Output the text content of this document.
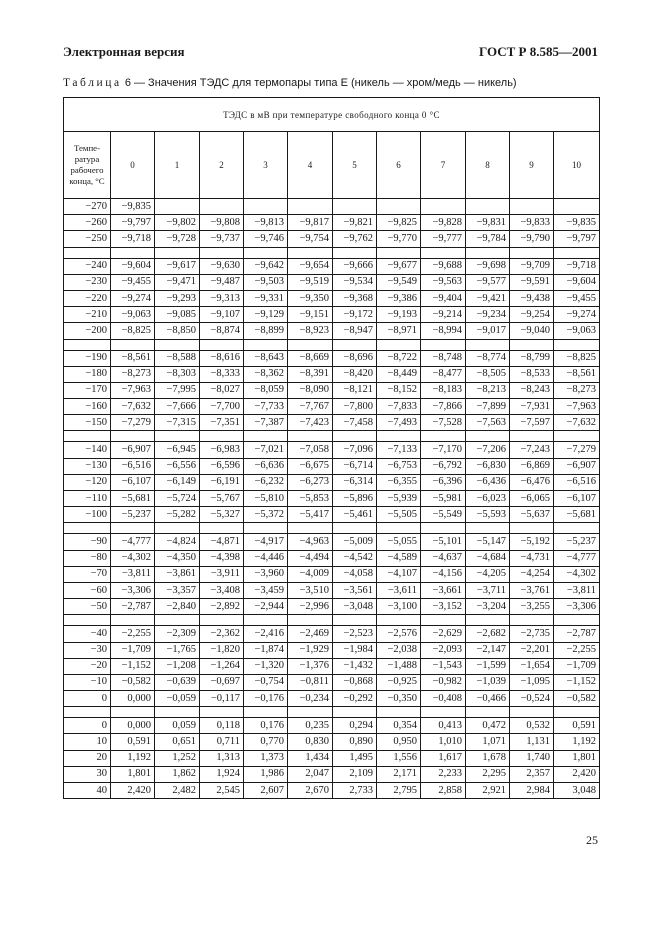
Электронная версия	ГОСТ Р 8.585—2001
Таблица 6 — Значения ТЭДС для термопары типа Е (никель — хром/медь — никель)
ТЭДС в мВ при температуре свободного конца 0 °С											
Темпе-ратура рабочего конца, °С	0	1	2	3	4	5	6	7	8	9	10
−270	−9,835										
−260	−9,797	−9,802	−9,808	−9,813	−9,817	−9,821	−9,825	−9,828	−9,831	−9,833	−9,835
−250	−9,718	−9,728	−9,737	−9,746	−9,754	−9,762	−9,770	−9,777	−9,784	−9,790	−9,797

−240	−9,604	−9,617	−9,630	−9,642	−9,654	−9,666	−9,677	−9,688	−9,698	−9,709	−9,718
−230	−9,455	−9,471	−9,487	−9,503	−9,519	−9,534	−9,549	−9,563	−9,577	−9,591	−9,604
−220	−9,274	−9,293	−9,313	−9,331	−9,350	−9,368	−9,386	−9,404	−9,421	−9,438	−9,455
−210	−9,063	−9,085	−9,107	−9,129	−9,151	−9,172	−9,193	−9,214	−9,234	−9,254	−9,274
−200	−8,825	−8,850	−8,874	−8,899	−8,923	−8,947	−8,971	−8,994	−9,017	−9,040	−9,063

−190	−8,561	−8,588	−8,616	−8,643	−8,669	−8,696	−8,722	−8,748	−8,774	−8,799	−8,825
−180	−8,273	−8,303	−8,333	−8,362	−8,391	−8,420	−8,449	−8,477	−8,505	−8,533	−8,561
−170	−7,963	−7,995	−8,027	−8,059	−8,090	−8,121	−8,152	−8,183	−8,213	−8,243	−8,273
−160	−7,632	−7,666	−7,700	−7,733	−7,767	−7,800	−7,833	−7,866	−7,899	−7,931	−7,963
−150	−7,279	−7,315	−7,351	−7,387	−7,423	−7,458	−7,493	−7,528	−7,563	−7,597	−7,632

−140	−6,907	−6,945	−6,983	−7,021	−7,058	−7,096	−7,133	−7,170	−7,206	−7,243	−7,279
−130	−6,516	−6,556	−6,596	−6,636	−6,675	−6,714	−6,753	−6,792	−6,830	−6,869	−6,907
−120	−6,107	−6,149	−6,191	−6,232	−6,273	−6,314	−6,355	−6,396	−6,436	−6,476	−6,516
−110	−5,681	−5,724	−5,767	−5,810	−5,853	−5,896	−5,939	−5,981	−6,023	−6,065	−6,107
−100	−5,237	−5,282	−5,327	−5,372	−5,417	−5,461	−5,505	−5,549	−5,593	−5,637	−5,681

−90	−4,777	−4,824	−4,871	−4,917	−4,963	−5,009	−5,055	−5,101	−5,147	−5,192	−5,237
−80	−4,302	−4,350	−4,398	−4,446	−4,494	−4,542	−4,589	−4,637	−4,684	−4,731	−4,777
−70	−3,811	−3,861	−3,911	−3,960	−4,009	−4,058	−4,107	−4,156	−4,205	−4,254	−4,302
−60	−3,306	−3,357	−3,408	−3,459	−3,510	−3,561	−3,611	−3,661	−3,711	−3,761	−3,811
−50	−2,787	−2,840	−2,892	−2,944	−2,996	−3,048	−3,100	−3,152	−3,204	−3,255	−3,306

−40	−2,255	−2,309	−2,362	−2,416	−2,469	−2,523	−2,576	−2,629	−2,682	−2,735	−2,787
−30	−1,709	−1,765	−1,820	−1,874	−1,929	−1,984	−2,038	−2,093	−2,147	−2,201	−2,255
−20	−1,152	−1,208	−1,264	−1,320	−1,376	−1,432	−1,488	−1,543	−1,599	−1,654	−1,709
−10	−0,582	−0,639	−0,697	−0,754	−0,811	−0,868	−0,925	−0,982	−1,039	−1,095	−1,152
0	0,000	−0,059	−0,117	−0,176	−0,234	−0,292	−0,350	−0,408	−0,466	−0,524	−0,582

0	0,000	0,059	0,118	0,176	0,235	0,294	0,354	0,413	0,472	0,532	0,591
10	0,591	0,651	0,711	0,770	0,830	0,890	0,950	1,010	1,071	1,131	1,192
20	1,192	1,252	1,313	1,373	1,434	1,495	1,556	1,617	1,678	1,740	1,801
30	1,801	1,862	1,924	1,986	2,047	2,109	2,171	2,233	2,295	2,357	2,420
40	2,420	2,482	2,545	2,607	2,670	2,733	2,795	2,858	2,921	2,984	3,048
25
